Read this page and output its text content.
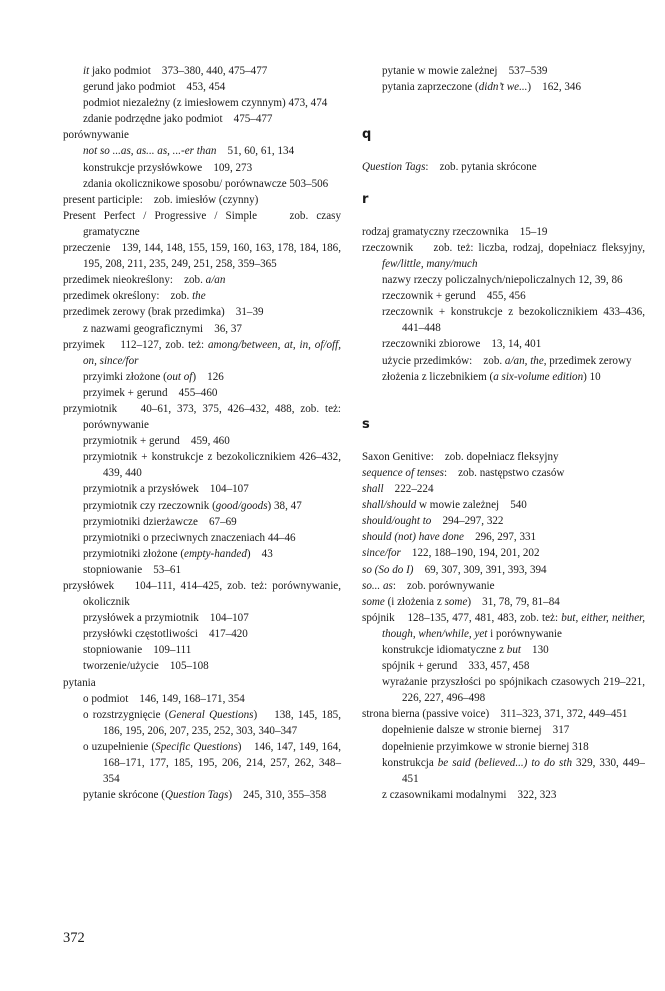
it jako podmiot    373–380, 440, 475–477
gerund jako podmiot    453, 454
podmiot niezależny (z imiesłowem czynnym) 473, 474
zdanie podrzędne jako podmiot    475–477
porównywanie
not so ...as, as... as, ...-er than    51, 60, 61, 134
konstrukcje przysłówkowe    109, 273
zdania okolicznikowe sposobu/ porównawcze 503–506
present participle:    zob. imiesłów (czynny)
Present Perfect / Progressive / Simple    zob. czasy gramatyczne
przeczenie    139, 144, 148, 155, 159, 160, 163, 178, 184, 186, 195, 208, 211, 235, 249, 251, 258, 359–365
przedimek nieokreślony:    zob. a/an
przedimek określony:    zob. the
przedimek zerowy (brak przedimka)    31–39
z nazwami geograficznymi    36, 37
przyimek    112–127, zob. też: among/between, at, in, of/off, on, since/for
przyimki złożone (out of)    126
przyimek + gerund    455–460
przymiotnik    40–61, 373, 375, 426–432, 488, zob. też: porównywanie
przymiotnik + gerund    459, 460
przymiotnik + konstrukcje z bezokolicznikiem 426–432, 439, 440
przymiotnik a przysłówek    104–107
przymiotnik czy rzeczownik (good/goods) 38, 47
przymiotniki dzierżawcze    67–69
przymiotniki o przeciwnych znaczeniach 44–46
przymiotniki złożone (empty-handed)    43
stopniowanie    53–61
przysłówek    104–111, 414–425, zob. też: porównywanie, okolicznik
przysłówek a przymiotnik    104–107
przysłówki częstotliwości    417–420
stopniowanie    109–111
tworzenie/użycie    105–108
pytania
o podmiot    146, 149, 168–171, 354
o rozstrzygnięcie (General Questions)    138, 145, 185, 186, 195, 206, 207, 235, 252, 303, 340–347
o uzupełnienie (Specific Questions)    146, 147, 149, 164, 168–171, 177, 185, 195, 206, 214, 257, 262, 348–354
pytanie skrócone (Question Tags)    245, 310, 355–358
pytanie w mowie zależnej    537–539
pytania zaprzeczone (didn’t we...)    162, 346
q
Question Tags:    zob. pytania skrócone
r
rodzaj gramatyczny rzeczownika    15–19
rzeczownik    zob. też: liczba, rodzaj, dopełniacz fleksyjny, few/little, many/much
nazwy rzeczy policzalnych/niepoliczalnych 12, 39, 86
rzeczownik + gerund    455, 456
rzeczownik + konstrukcje z bezokolicznikiem 433–436, 441–448
rzeczowniki zbiorowe    13, 14, 401
użycie przedimków:    zob. a/an, the, przedimek zerowy
złożenia z liczebnikiem (a six-volume edition) 10
s
Saxon Genitive:    zob. dopełniacz fleksyjny
sequence of tenses:    zob. następstwo czasów
shall    222–224
shall/should w mowie zależnej    540
should/ought to    294–297, 322
should (not) have done    296, 297, 331
since/for    122, 188–190, 194, 201, 202
so (So do I)    69, 307, 309, 391, 393, 394
so... as:    zob. porównywanie
some (i złożenia z some)    31, 78, 79, 81–84
spójnik    128–135, 477, 481, 483, zob. też: but, either, neither, though, when/while, yet i porównywanie
konstrukcje idiomatyczne z but    130
spójnik + gerund    333, 457, 458
wyrażanie przyszłości po spójnikach czasowych 219–221, 226, 227, 496–498
strona bierna (passive voice)    311–323, 371, 372, 449–451
dopełnienie dalsze w stronie biernej    317
dopełnienie przyimkowe w stronie biernej 318
konstrukcja be said (believed...) to do sth 329, 330, 449–451
z czasownikami modalnymi    322, 323
372
